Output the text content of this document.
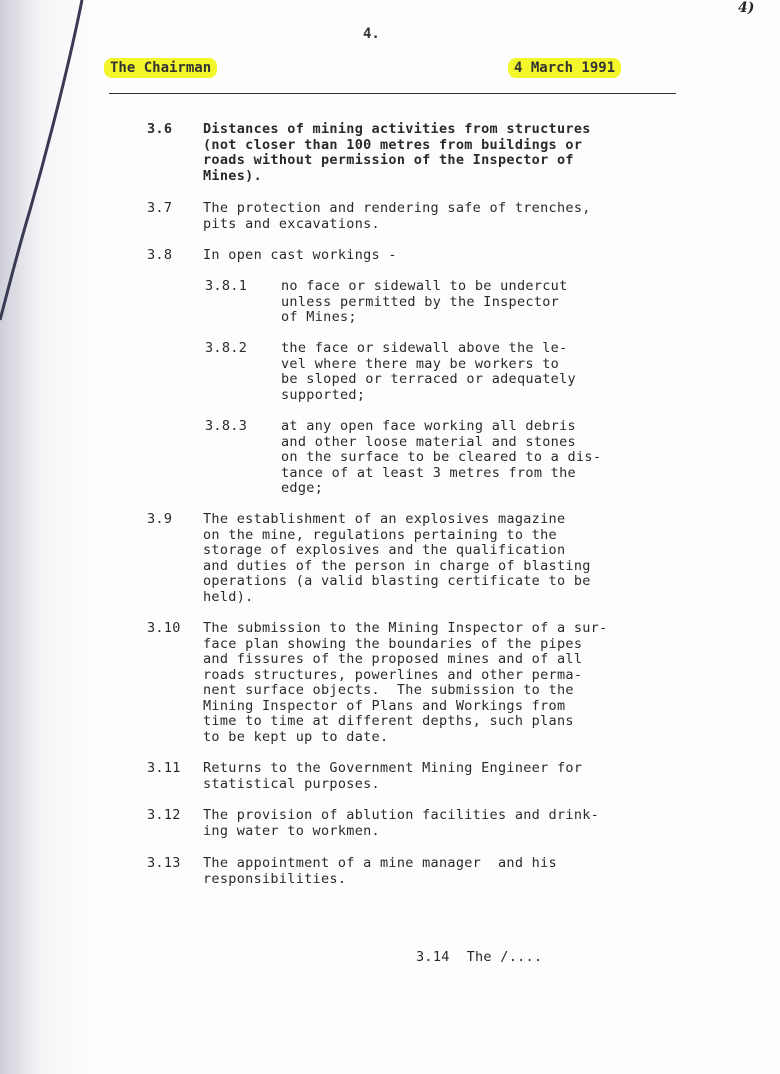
4)
4.
The Chairman	4 March 1991
3.6 Distances of mining activities from structures
(not closer than 100 metres from buildings or
roads without permission of the Inspector of
Mines).
3.7 The protection and rendering safe of trenches,
pits and excavations.
3.8 In open cast workings -
3.8.1	no face or sidewall to be undercut
unless permitted by the Inspector
of Mines;
3.8.2	the face or sidewall above the le-
vel where there may be workers to
be sloped or terraced or adequately
supported;
3.8.3	at any open face working all debris
and other loose material and stones
on the surface to be cleared to a dis-
tance of at least 3 metres from the
edge;
3.9 The establishment of an explosives magazine
on the mine, regulations pertaining to the
storage of explosives and the qualification
and duties of the person in charge of blasting
operations (a valid blasting certificate to be
held).
3.10 The submission to the Mining Inspector of a sur-
face plan showing the boundaries of the pipes
and fissures of the proposed mines and of all
roads structures, powerlines and other perma-
nent surface objects.  The submission to the
Mining Inspector of Plans and Workings from
time to time at different depths, such plans
to be kept up to date.
3.11 Returns to the Government Mining Engineer for
statistical purposes.
3.12 The provision of ablution facilities and drink-
ing water to workmen.
3.13 The appointment of a mine manager  and his
responsibilities.
3.14  The /....
